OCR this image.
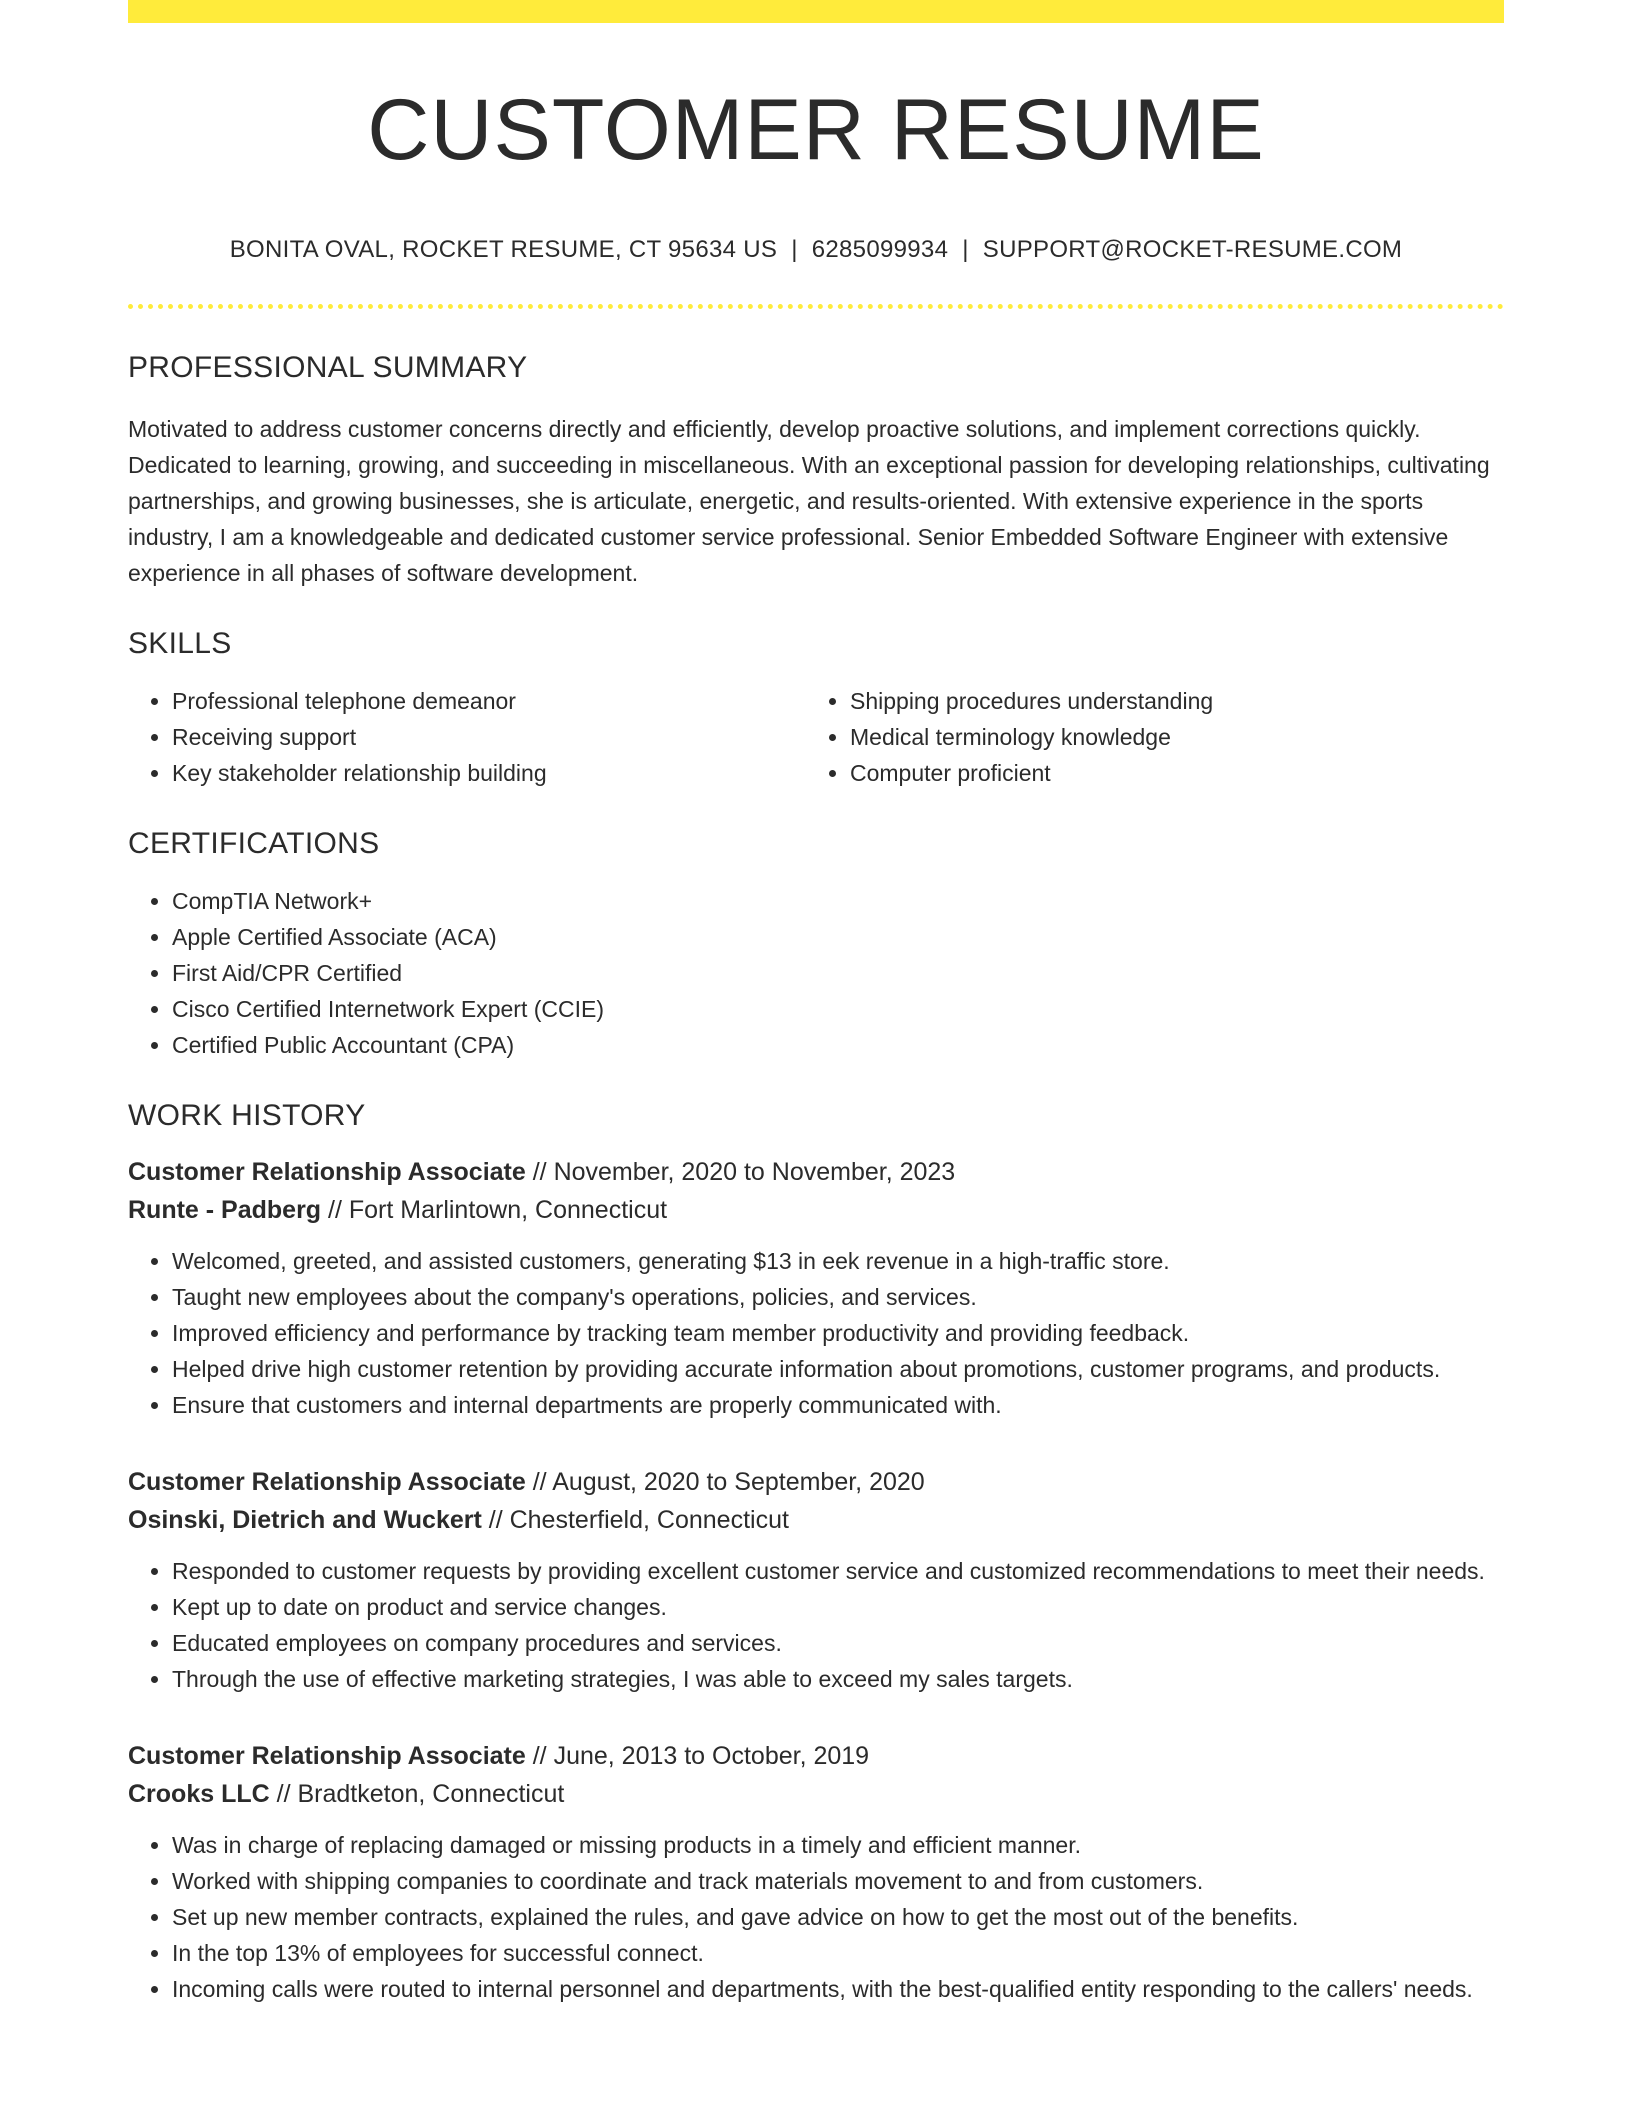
CUSTOMER RESUME
BONITA OVAL, ROCKET RESUME, CT 95634 US | 6285099934 | SUPPORT@ROCKET-RESUME.COM
PROFESSIONAL SUMMARY

Motivated to address customer concerns directly and efficiently, develop proactive solutions, and implement corrections quickly. Dedicated to learning, growing, and succeeding in miscellaneous. With an exceptional passion for developing relationships, cultivating partnerships, and growing businesses, she is articulate, energetic, and results-oriented. With extensive experience in the sports industry, I am a knowledgeable and dedicated customer service professional. Senior Embedded Software Engineer with extensive experience in all phases of software development.

SKILLS
• Professional telephone demeanor
• Receiving support
• Key stakeholder relationship building
• Shipping procedures understanding
• Medical terminology knowledge
• Computer proficient
CERTIFICATIONS
• CompTIA Network+
• Apple Certified Associate (ACA)
• First Aid/CPR Certified
• Cisco Certified Internetwork Expert (CCIE)
• Certified Public Accountant (CPA)
WORK HISTORY
Customer Relationship Associate // November, 2020 to November, 2023
Runte - Padberg // Fort Marlintown, Connecticut
• Welcomed, greeted, and assisted customers, generating $13 in eek revenue in a high-traffic store.
• Taught new employees about the company's operations, policies, and services.
• Improved efficiency and performance by tracking team member productivity and providing feedback.
• Helped drive high customer retention by providing accurate information about promotions, customer programs, and products.
• Ensure that customers and internal departments are properly communicated with.
Customer Relationship Associate // August, 2020 to September, 2020
Osinski, Dietrich and Wuckert // Chesterfield, Connecticut
• Responded to customer requests by providing excellent customer service and customized recommendations to meet their needs.
• Kept up to date on product and service changes.
• Educated employees on company procedures and services.
• Through the use of effective marketing strategies, I was able to exceed my sales targets.
Customer Relationship Associate // June, 2013 to October, 2019
Crooks LLC // Bradtketon, Connecticut
• Was in charge of replacing damaged or missing products in a timely and efficient manner.
• Worked with shipping companies to coordinate and track materials movement to and from customers.
• Set up new member contracts, explained the rules, and gave advice on how to get the most out of the benefits.
• In the top 13% of employees for successful connect.
• Incoming calls were routed to internal personnel and departments, with the best-qualified entity responding to the callers' needs.
